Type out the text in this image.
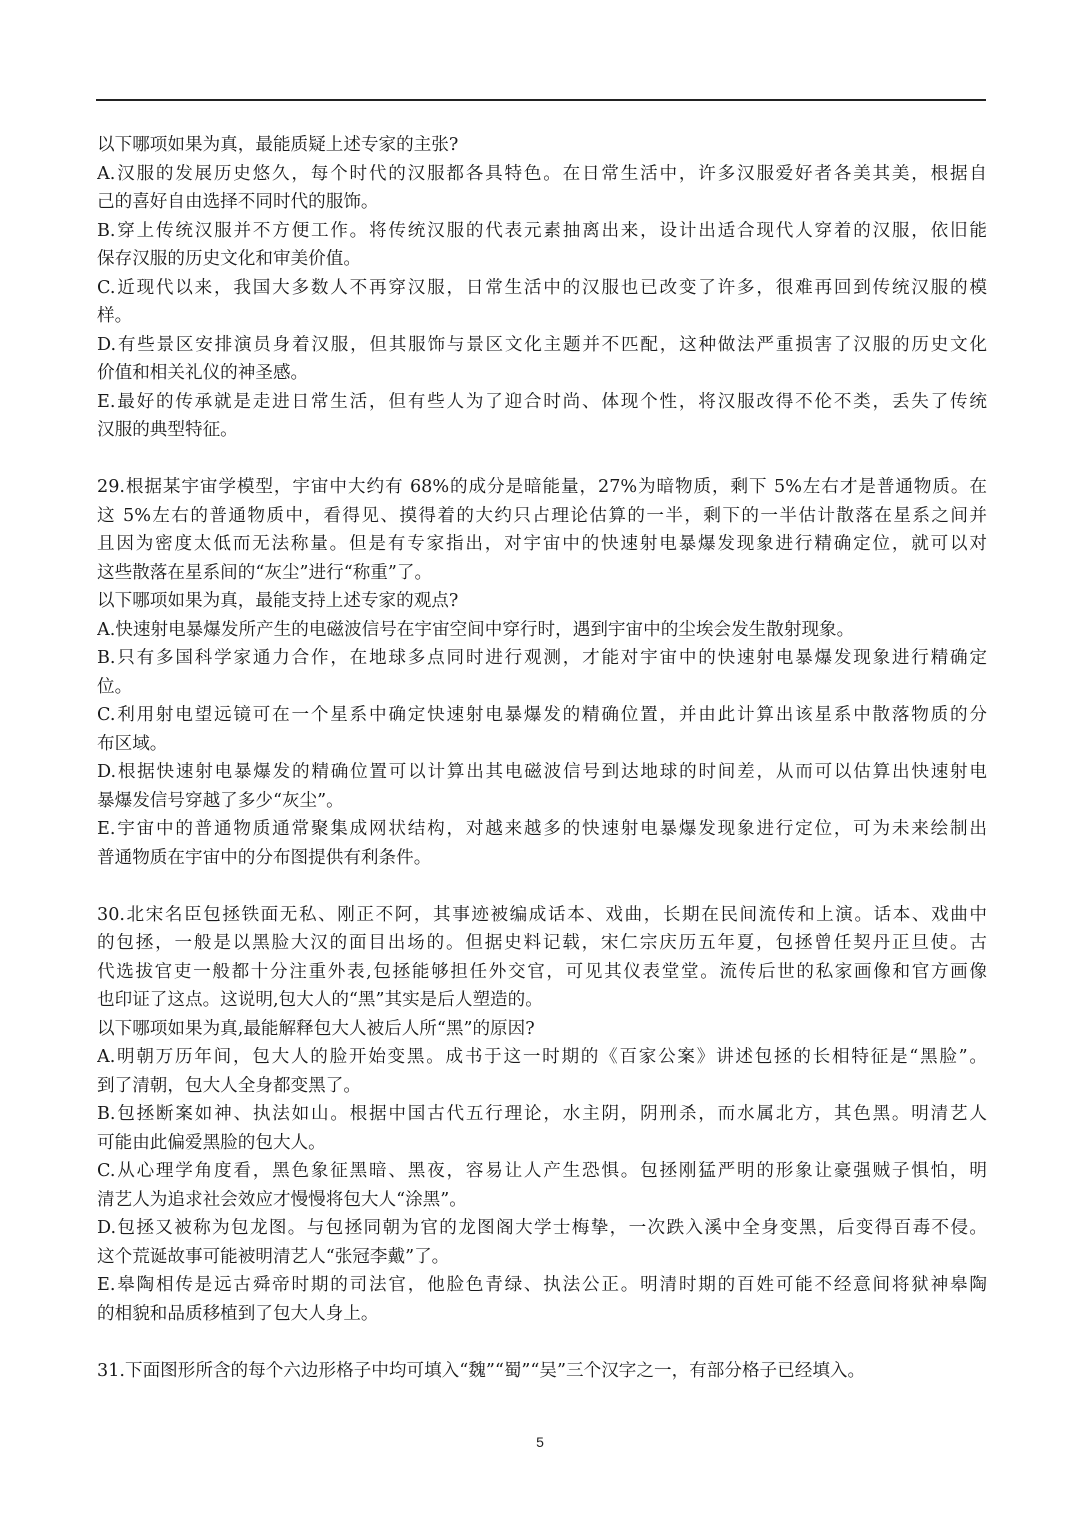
以下哪项如果为真，最能质疑上述专家的主张?
A.汉服的发展历史悠久，每个时代的汉服都各具特色。在日常生活中，许多汉服爱好者各美其美，根据自
己的喜好自由选择不同时代的服饰。
B.穿上传统汉服并不方便工作。将传统汉服的代表元素抽离出来，设计出适合现代人穿着的汉服，依旧能
保存汉服的历史文化和审美价值。
C.近现代以来，我国大多数人不再穿汉服，日常生活中的汉服也已改变了许多，很难再回到传统汉服的模
样。
D.有些景区安排演员身着汉服，但其服饰与景区文化主题并不匹配，这种做法严重损害了汉服的历史文化
价值和相关礼仪的神圣感。
E.最好的传承就是走进日常生活，但有些人为了迎合时尚、体现个性，将汉服改得不伦不类，丢失了传统
汉服的典型特征。
29.根据某宇宙学模型，宇宙中大约有 68%的成分是暗能量，27%为暗物质，剩下 5%左右才是普通物质。在
这 5%左右的普通物质中，看得见、摸得着的大约只占理论估算的一半，剩下的一半估计散落在星系之间并
且因为密度太低而无法称量。但是有专家指出，对宇宙中的快速射电暴爆发现象进行精确定位，就可以对
这些散落在星系间的“灰尘”进行“称重”了。
以下哪项如果为真，最能支持上述专家的观点?
A.快速射电暴爆发所产生的电磁波信号在宇宙空间中穿行时，遇到宇宙中的尘埃会发生散射现象。
B.只有多国科学家通力合作，在地球多点同时进行观测，才能对宇宙中的快速射电暴爆发现象进行精确定
位。
C.利用射电望远镜可在一个星系中确定快速射电暴爆发的精确位置，并由此计算出该星系中散落物质的分
布区域。
D.根据快速射电暴爆发的精确位置可以计算出其电磁波信号到达地球的时间差，从而可以估算出快速射电
暴爆发信号穿越了多少“灰尘”。
E.宇宙中的普通物质通常聚集成网状结构，对越来越多的快速射电暴爆发现象进行定位，可为未来绘制出
普通物质在宇宙中的分布图提供有利条件。
30.北宋名臣包拯铁面无私、刚正不阿，其事迹被编成话本、戏曲，长期在民间流传和上演。话本、戏曲中
的包拯，一般是以黑脸大汉的面目出场的。但据史料记载，宋仁宗庆历五年夏，包拯曾任契丹正旦使。古
代选拔官吏一般都十分注重外表,包拯能够担任外交官，可见其仪表堂堂。流传后世的私家画像和官方画像
也印证了这点。这说明,包大人的“黑”其实是后人塑造的。
以下哪项如果为真,最能解释包大人被后人所“黑”的原因?
A.明朝万历年间，包大人的脸开始变黑。成书于这一时期的《百家公案》讲述包拯的长相特征是“黑脸”。
到了清朝，包大人全身都变黑了。
B.包拯断案如神、执法如山。根据中国古代五行理论，水主阴，阴刑杀，而水属北方，其色黑。明清艺人
可能由此偏爱黑脸的包大人。
C.从心理学角度看，黑色象征黑暗、黑夜，容易让人产生恐惧。包拯刚猛严明的形象让豪强贼子惧怕，明
清艺人为追求社会效应才慢慢将包大人“涂黑”。
D.包拯又被称为包龙图。与包拯同朝为官的龙图阁大学士梅挚，一次跌入溪中全身变黑，后变得百毒不侵。
这个荒诞故事可能被明清艺人“张冠李戴”了。
E.皋陶相传是远古舜帝时期的司法官，他脸色青绿、执法公正。明清时期的百姓可能不经意间将狱神皋陶
的相貌和品质移植到了包大人身上。
31.下面图形所含的每个六边形格子中均可填入“魏”“蜀”“吴”三个汉字之一，有部分格子已经填入。
5
